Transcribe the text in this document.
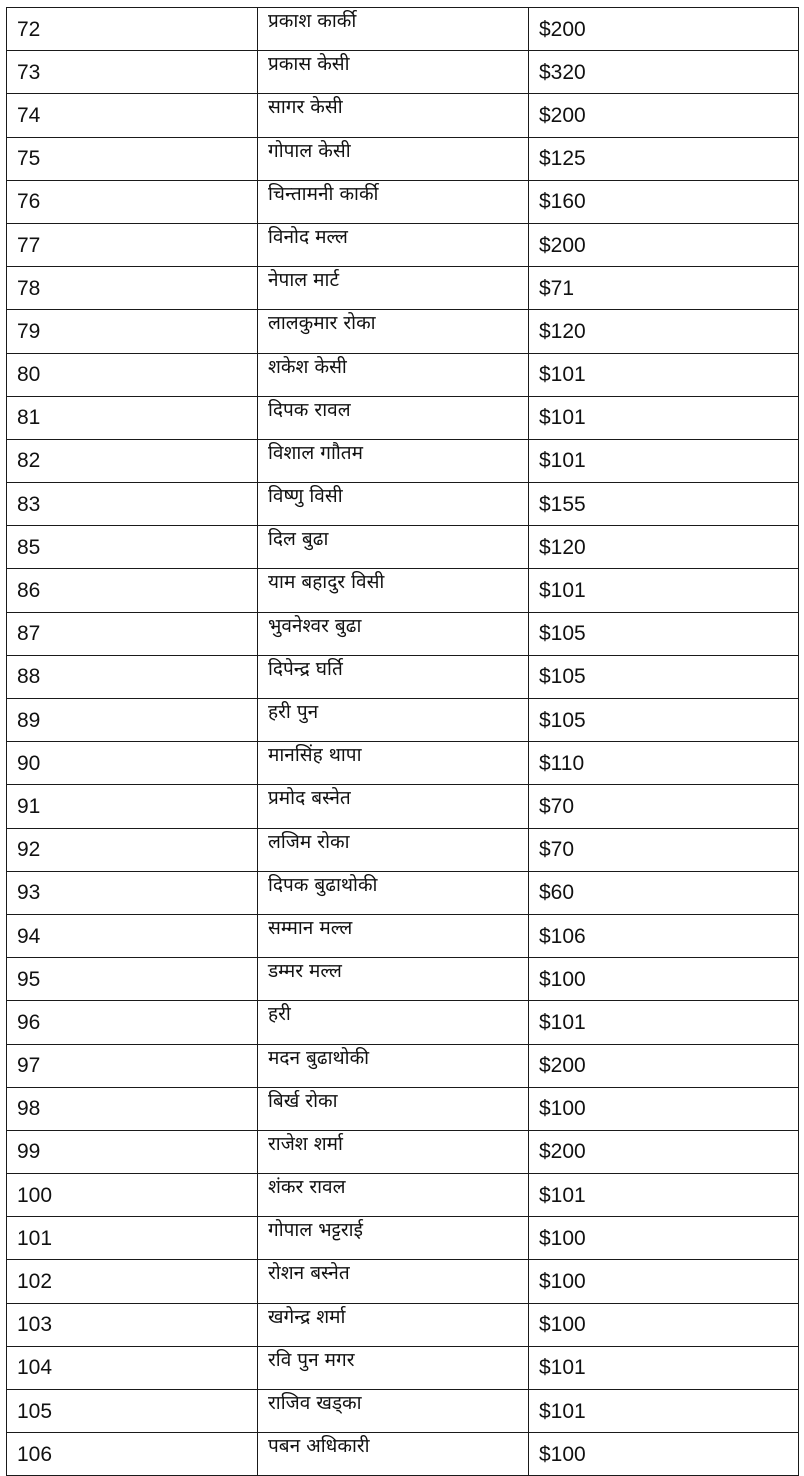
72	प्रकाश कार्की	$200
73	प्रकास केसी	$320
74	सागर केसी	$200
75	गोपाल केसी	$125
76	चिन्तामनी कार्की	$160
77	विनोद मल्ल	$200
78	नेपाल मार्ट	$71
79	लालकुमार रोका	$120
80	शकेश केसी	$101
81	दिपक रावल	$101
82	विशाल गाौतम	$101
83	विष्णु विसी	$155
85	दिल बुढा	$120
86	याम बहादुर विसी	$101
87	भुवनेश्वर बुढा	$105
88	दिपेन्द्र घर्ति	$105
89	हरी पुन	$105
90	मानसिंह थापा	$110
91	प्रमोद बस्नेत	$70
92	लजिम रोका	$70
93	दिपक बुढाथोकी	$60
94	सम्मान मल्ल	$106
95	डम्मर मल्ल	$100
96	हरी	$101
97	मदन बुढाथोकी	$200
98	बिर्ख रोका	$100
99	राजेश शर्मा	$200
100	शंकर रावल	$101
101	गोपाल भट्टराई	$100
102	रोशन बस्नेत	$100
103	खगेन्द्र शर्मा	$100
104	रवि पुन मगर	$101
105	राजिव खड्का	$101
106	पबन अधिकारी	$100
